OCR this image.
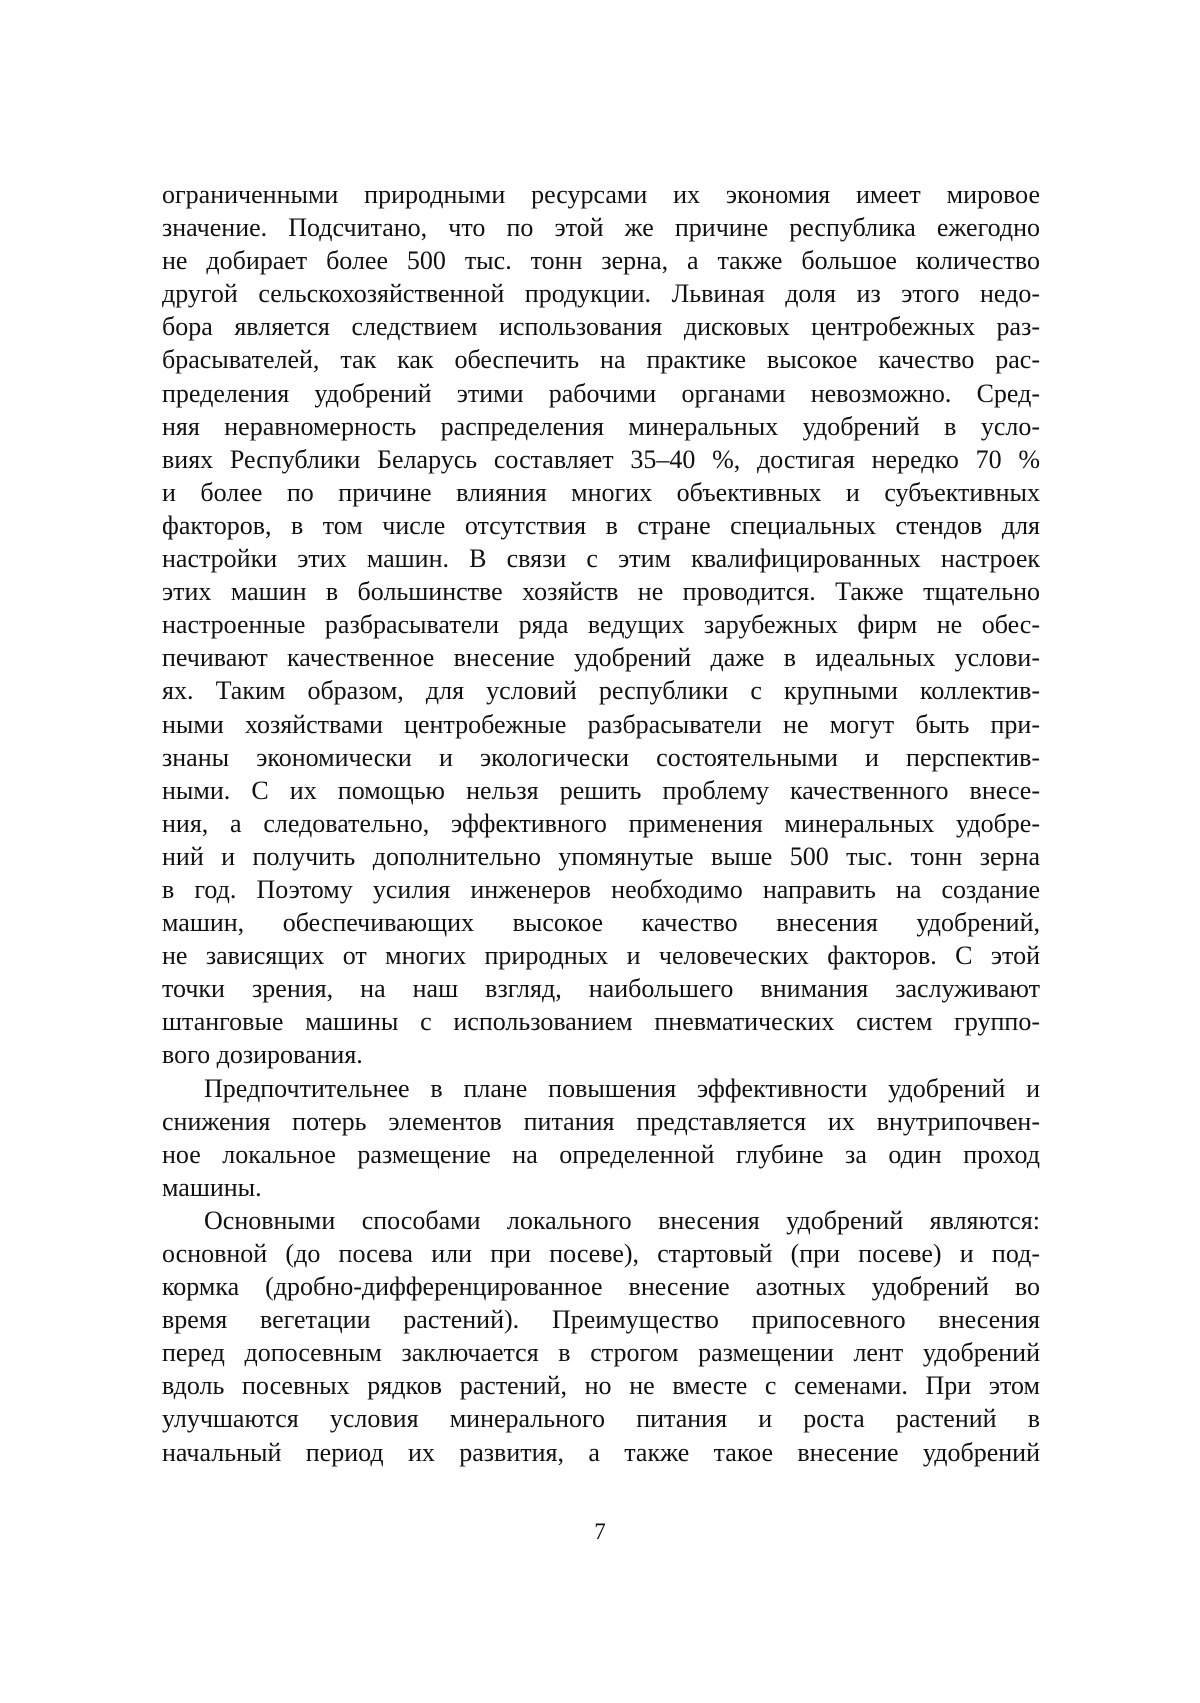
ограниченными природными ресурсами их экономия имеет мировое
значение. Подсчитано, что по этой же причине республика ежегодно
не добирает более 500 тыс. тонн зерна, а также большое количество
другой сельскохозяйственной продукции. Львиная доля из этого недо-
бора является следствием использования дисковых центробежных раз-
брасывателей, так как обеспечить на практике высокое качество рас-
пределения удобрений этими рабочими органами невозможно. Сред-
няя неравномерность распределения минеральных удобрений в усло-
виях Республики Беларусь составляет 35–40 %, достигая нередко 70 %
и более по причине влияния многих объективных и субъективных
факторов, в том числе отсутствия в стране специальных стендов для
настройки этих машин. В связи с этим квалифицированных настроек
этих машин в большинстве хозяйств не проводится. Также тщательно
настроенные разбрасыватели ряда ведущих зарубежных фирм не обес-
печивают качественное внесение удобрений даже в идеальных услови-
ях. Таким образом, для условий республики с крупными коллектив-
ными хозяйствами центробежные разбрасыватели не могут быть при-
знаны экономически и экологически состоятельными и перспектив-
ными. С их помощью нельзя решить проблему качественного внесе-
ния, а следовательно, эффективного применения минеральных удобре-
ний и получить дополнительно упомянутые выше 500 тыс. тонн зерна
в год. Поэтому усилия инженеров необходимо направить на создание
машин, обеспечивающих высокое качество внесения удобрений,
не зависящих от многих природных и человеческих факторов. С этой
точки зрения, на наш взгляд, наибольшего внимания заслуживают
штанговые машины с использованием пневматических систем группо-
вого дозирования.

Предпочтительнее в плане повышения эффективности удобрений и
снижения потерь элементов питания представляется их внутрипочвен-
ное локальное размещение на определенной глубине за один проход
машины.

Основными способами локального внесения удобрений являются:
основной (до посева или при посеве), стартовый (при посеве) и под-
кормка (дробно-дифференцированное внесение азотных удобрений во
время вегетации растений). Преимущество припосевного внесения
перед допосевным заключается в строгом размещении лент удобрений
вдоль посевных рядков растений, но не вместе с семенами. При этом
улучшаются условия минерального питания и роста растений в
начальный период их развития, а также такое внесение удобрений

7
